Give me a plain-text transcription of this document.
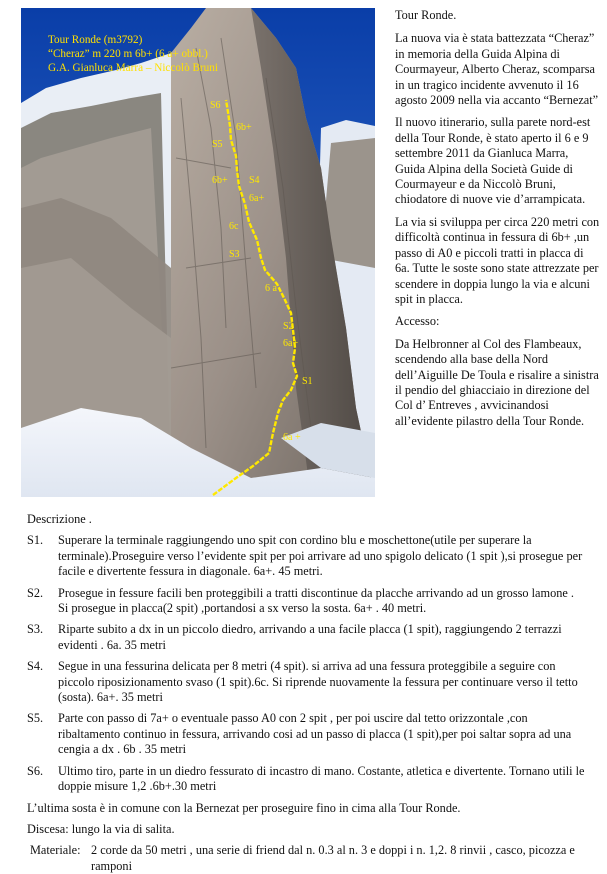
Tour Ronde (m3792)
“Cheraz” m 220 m 6b+ (6 a+ obbl.)
G.A. Gianluca Marra – Niccolò Bruni
S6
6b+
S5
6b+ S4
6a+
6c
S3
6 a
S2
6a+
S1
6a +

Tour Ronde.

La nuova via è stata battezzata “Cheraz” in memoria della Guida Alpina di Courmayeur, Alberto Cheraz, scomparsa in un tragico incidente avvenuto il 16 agosto 2009 nella via accanto “Bernezat”

Il nuovo itinerario, sulla parete nord-est della Tour Ronde, è stato aperto il 6 e 9 settembre 2011 da Gianluca Marra, Guida Alpina della Società Guide di Courmayeur e da Niccolò Bruni, chiodatore di nuove vie d’arrampicata.

La via si sviluppa per circa 220 metri con difficoltà continua in fessura di 6b+ ,un passo di A0 e piccoli tratti in placca di 6a. Tutte le soste sono state attrezzate per scendere in doppia lungo la via e alcuni spit in placca.

Accesso:

Da Helbronner al Col des Flambeaux, scendendo alla base della Nord dell’Aiguille De Toula e risalire a sinistra il pendio del ghiacciaio in direzione del Col d’ Entreves , avvicinandosi all’evidente pilastro della Tour Ronde.

Descrizione .

S1. Superare la terminale raggiungendo uno spit con cordino blu e moschettone(utile per superare la terminale).Proseguire verso l’evidente spit per poi arrivare ad uno spigolo delicato (1 spit ),si prosegue per facile e divertente fessura in diagonale. 6a+. 45 metri.
S2. Prosegue in fessure facili ben proteggibili a tratti discontinue da placche arrivando ad un grosso lamone . Si prosegue in placca(2 spit) ,portandosi a sx verso la sosta. 6a+ . 40 metri.
S3. Riparte subito a dx in un piccolo diedro, arrivando a una facile placca (1 spit), raggiungendo 2 terrazzi evidenti . 6a. 35 metri
S4. Segue in una fessurina delicata per 8 metri (4 spit). si arriva ad una fessura proteggibile a seguire con piccolo riposizionamento svaso (1 spit).6c. Si riprende nuovamente la fessura per continuare verso il tetto (sosta). 6a+. 35 metri
S5. Parte con passo di 7a+ o eventuale passo A0 con 2 spit , per poi uscire dal tetto orizzontale ,con ribaltamento continuo in fessura, arrivando cosi ad un passo di placca (1 spit),per poi saltar sopra ad una cengia a dx . 6b . 35 metri
S6. Ultimo tiro, parte in un diedro fessurato di incastro di mano. Costante, atletica e divertente. Tornano utili le doppie misure 1,2 .6b+.30 metri

L’ultima sosta è in comune con la Bernezat per proseguire fino in cima alla Tour Ronde.

Discesa: lungo la via di salita.

Materiale: 2 corde da 50 metri , una serie di friend dal n. 0.3 al n. 3 e doppi i n. 1,2. 8 rinvii , casco, picozza e ramponi
